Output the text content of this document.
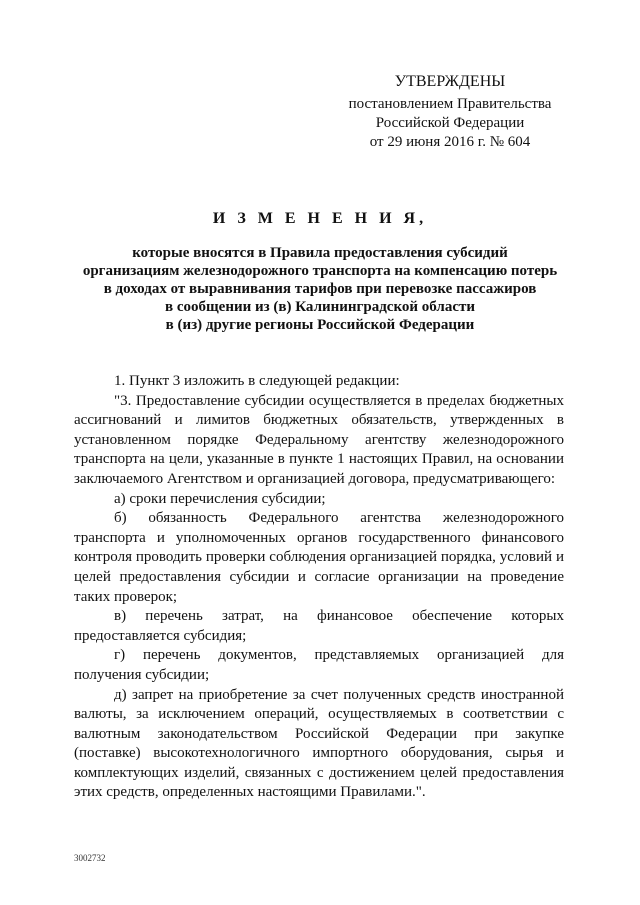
УТВЕРЖДЕНЫ
постановлением Правительства
Российской Федерации
от 29 июня 2016 г. № 604
И З М Е Н Е Н И Я,
которые вносятся в Правила предоставления субсидий
организациям железнодорожного транспорта на компенсацию потерь
в доходах от выравнивания тарифов при перевозке пассажиров
в сообщении из (в) Калининградской области
в (из) другие регионы Российской Федерации

1. Пункт 3 изложить в следующей редакции:

"3. Предоставление субсидии осуществляется в пределах бюджетных ассигнований и лимитов бюджетных обязательств, утвержденных в установленном порядке Федеральному агентству железнодорожного транспорта на цели, указанные в пункте 1 настоящих Правил, на основании заключаемого Агентством и организацией договора, предусматривающего:

а) сроки перечисления субсидии;

б) обязанность Федерального агентства железнодорожного транспорта и уполномоченных органов государственного финансового контроля проводить проверки соблюдения организацией порядка, условий и целей предоставления субсидии и согласие организации на проведение таких проверок;

в) перечень затрат, на финансовое обеспечение которых предоставляется субсидия;

г) перечень документов, представляемых организацией для получения субсидии;

д) запрет на приобретение за счет полученных средств иностранной валюты, за исключением операций, осуществляемых в соответствии с валютным законодательством Российской Федерации при закупке (поставке) высокотехнологичного импортного оборудования, сырья и комплектующих изделий, связанных с достижением целей предоставления этих средств, определенных настоящими Правилами.".

3002732
